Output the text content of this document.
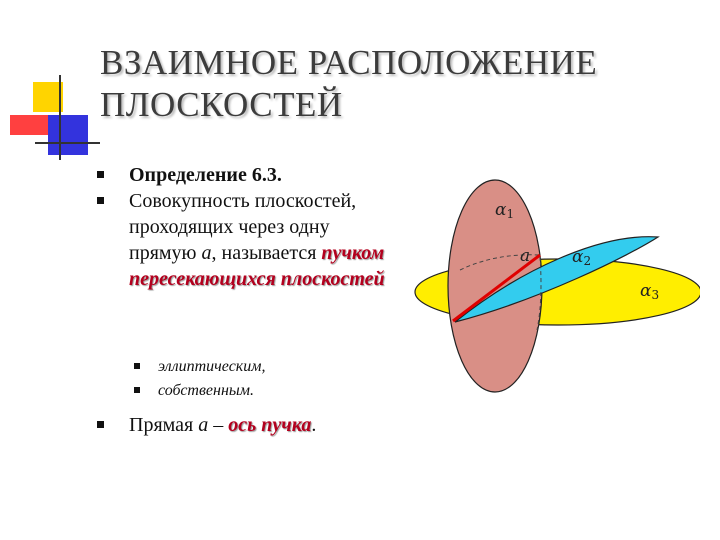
ВЗАИМНОЕ РАСПОЛОЖЕНИЕ
ПЛОСКОСТЕЙ
Определение 6.3.
Совокупность плоскостей, проходящих через одну прямую a, называется пучком пересекающихся плоскостей
эллиптическим,
собственным.
Прямая a – ось пучка.
α1
a α2
α3
